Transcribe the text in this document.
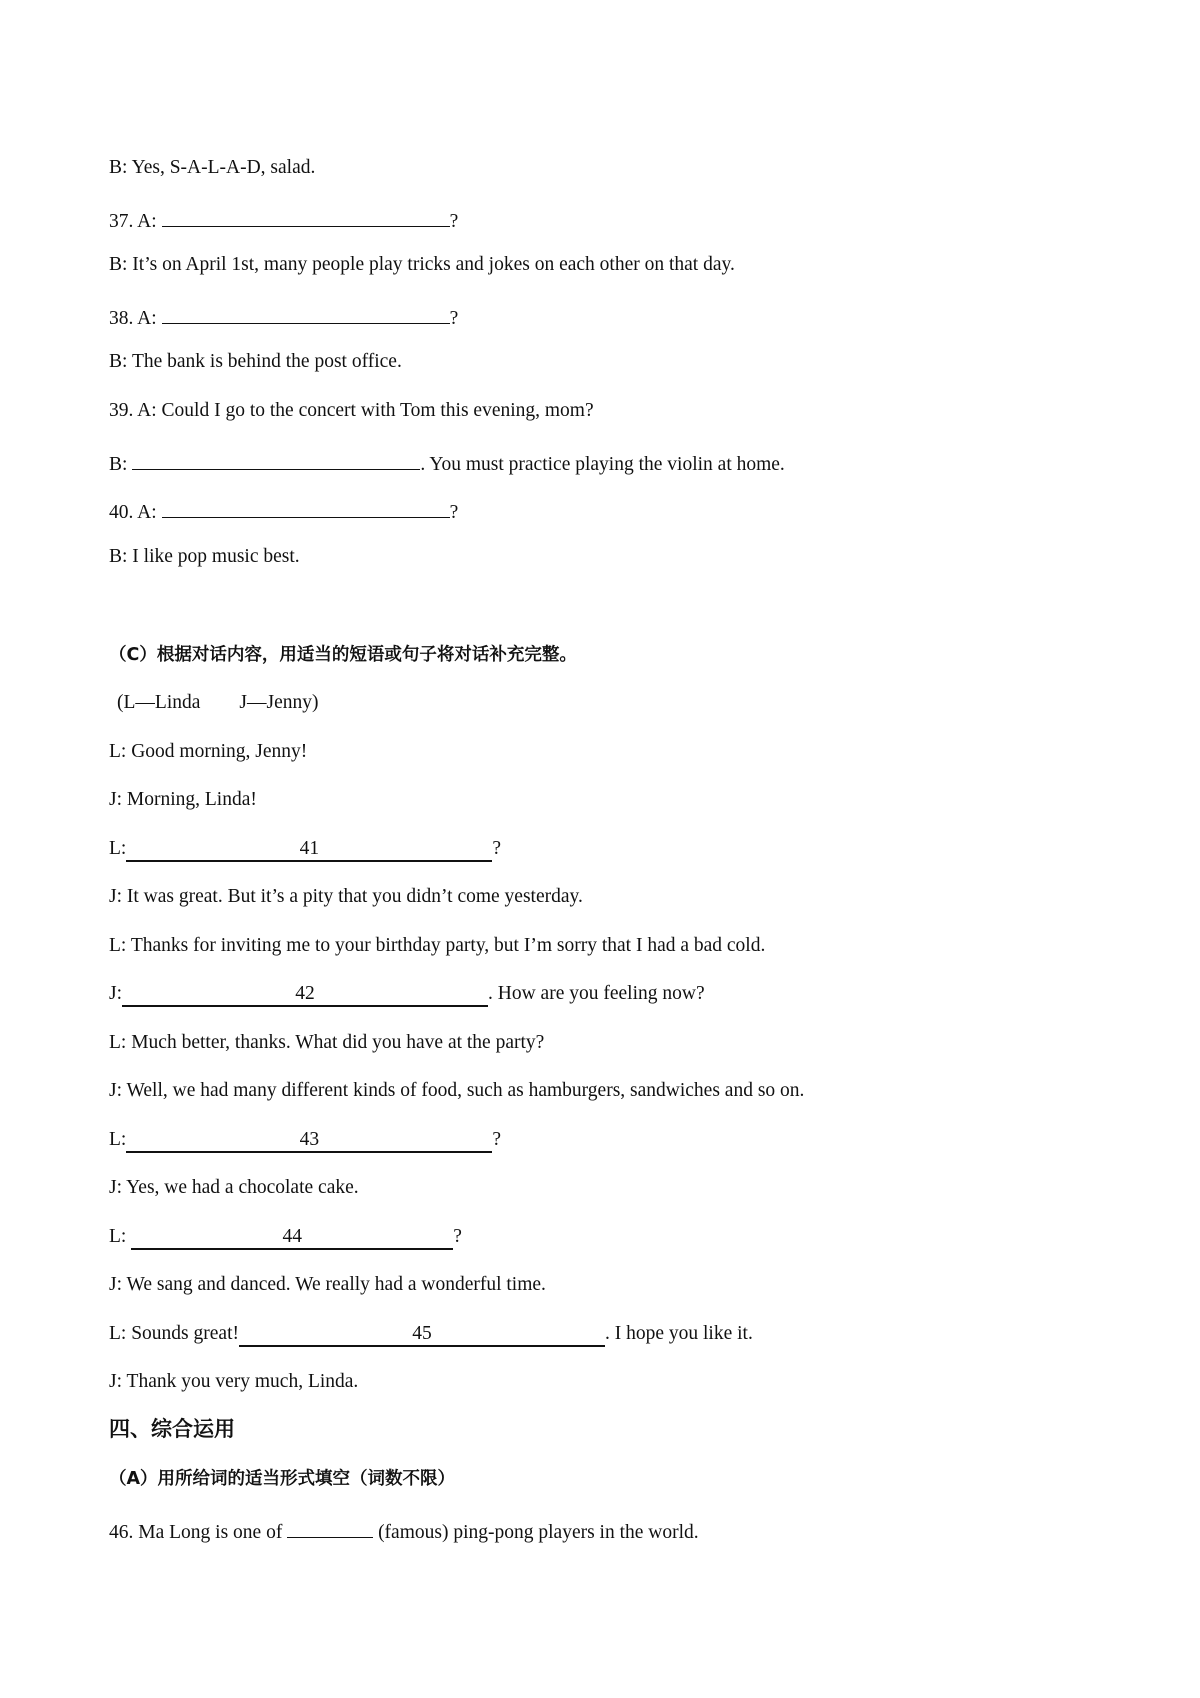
B: Yes, S-A-L-A-D, salad.
37. A:	?
B: It’s on April 1st, many people play tricks and jokes on each other on that day.
38. A:	?
B: The bank is behind the post office.
39. A: Could I go to the concert with Tom this evening, mom?
B:	. You must practice playing the violin at home.
40. A:	?
B: I like pop music best.
（C）根据对话内容，用适当的短语或句子将对话补充完整。
(L—Linda        J—Jenny)
L: Good morning, Jenny!
J: Morning, Linda!
L:	41	?
J: It was great. But it’s a pity that you didn’t come yesterday.
L: Thanks for inviting me to your birthday party, but I’m sorry that I had a bad cold.
J:	42	. How are you feeling now?
L: Much better, thanks. What did you have at the party?
J: Well, we had many different kinds of food, such as hamburgers, sandwiches and so on.
L:	43	?
J: Yes, we had a chocolate cake.
L:	44	?
J: We sang and danced. We really had a wonderful time.
L: Sounds great!	45	. I hope you like it.
J: Thank you very much, Linda.
四、综合运用
（A）用所给词的适当形式填空（词数不限）
46. Ma Long is one of	(famous) ping-pong players in the world.
